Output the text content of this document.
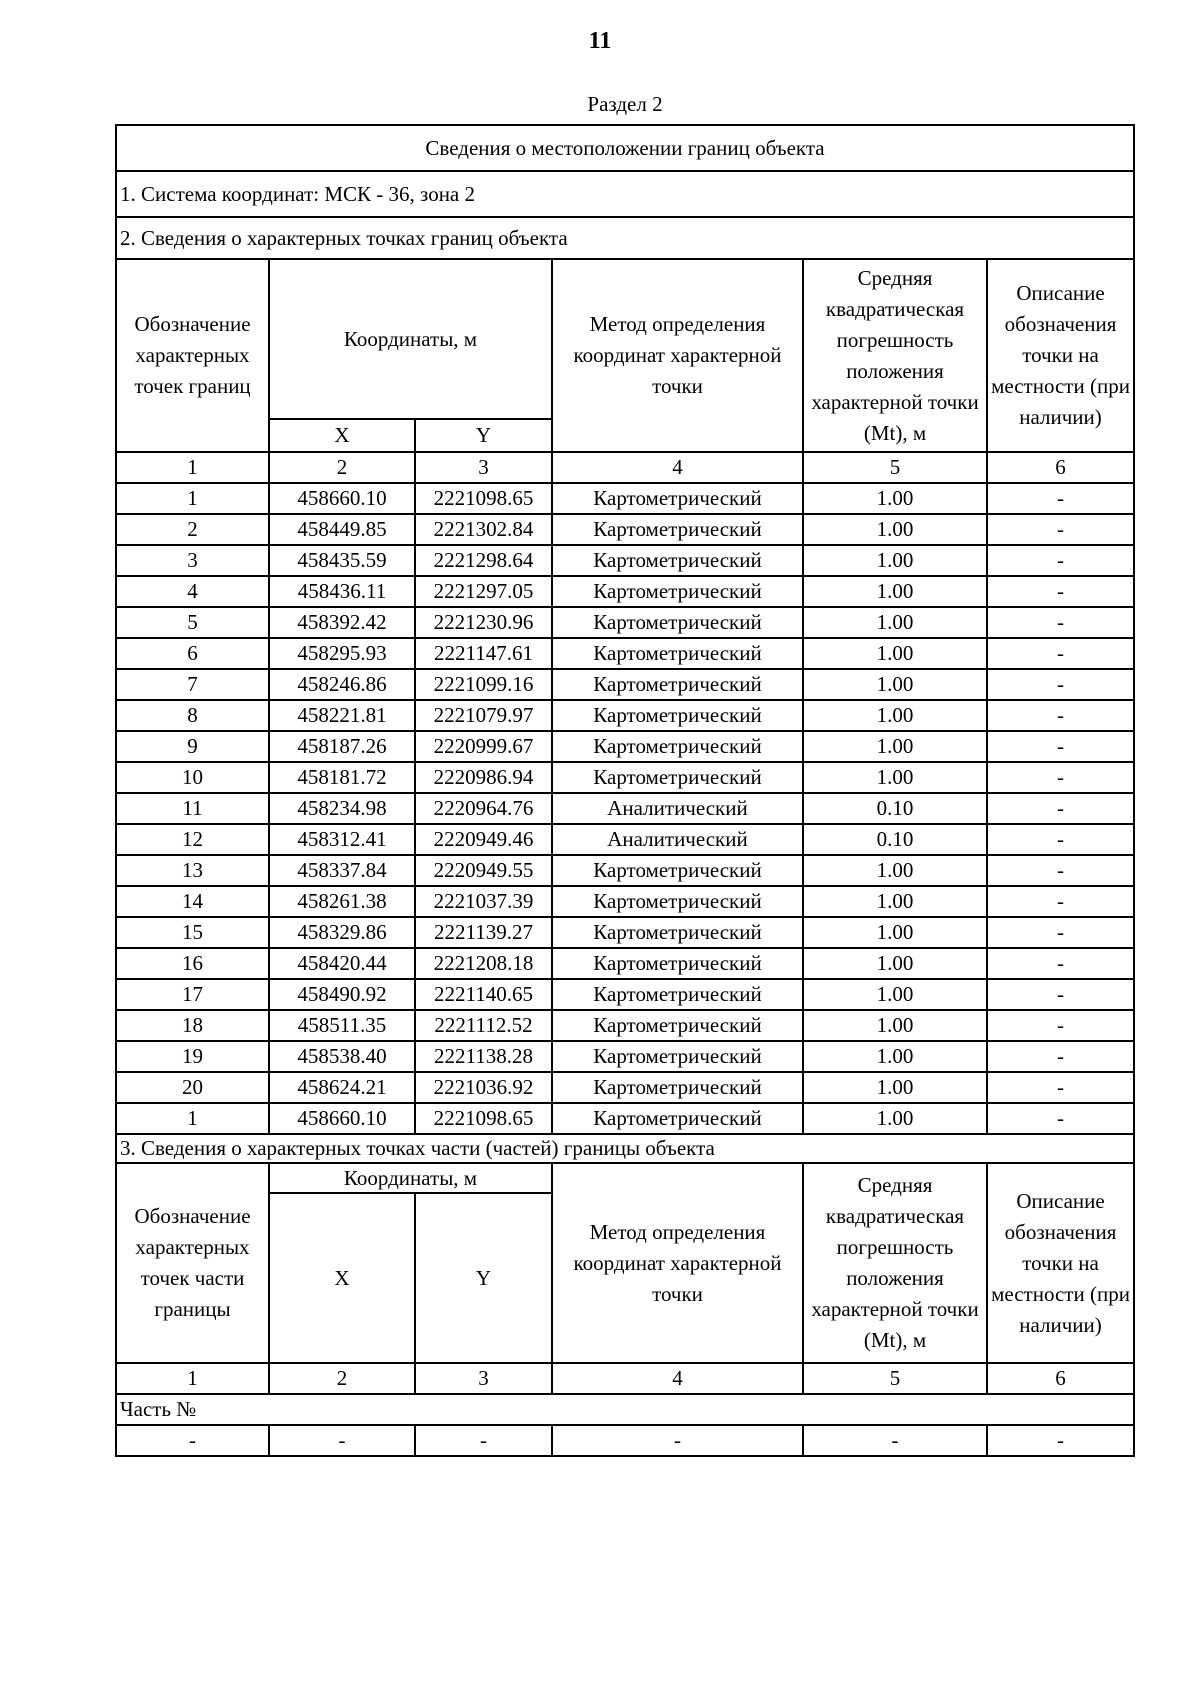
11
Раздел 2
Сведения о местоположении границ объекта					
1. Система координат: МСК - 36, зона 2					
2. Сведения о характерных точках границ объекта					
Обозначение характерных точек границ	Координаты, м		Метод определения координат характерной точки	Средняя квадратическая погрешность положения характерной точки (Mt), м	Описание обозначения точки на местности (при наличии)
	X	Y			
1	2	3	4	5	6
1	458660.10	2221098.65	Картометрический	1.00	-
2	458449.85	2221302.84	Картометрический	1.00	-
3	458435.59	2221298.64	Картометрический	1.00	-
4	458436.11	2221297.05	Картометрический	1.00	-
5	458392.42	2221230.96	Картометрический	1.00	-
6	458295.93	2221147.61	Картометрический	1.00	-
7	458246.86	2221099.16	Картометрический	1.00	-
8	458221.81	2221079.97	Картометрический	1.00	-
9	458187.26	2220999.67	Картометрический	1.00	-
10	458181.72	2220986.94	Картометрический	1.00	-
11	458234.98	2220964.76	Аналитический	0.10	-
12	458312.41	2220949.46	Аналитический	0.10	-
13	458337.84	2220949.55	Картометрический	1.00	-
14	458261.38	2221037.39	Картометрический	1.00	-
15	458329.86	2221139.27	Картометрический	1.00	-
16	458420.44	2221208.18	Картометрический	1.00	-
17	458490.92	2221140.65	Картометрический	1.00	-
18	458511.35	2221112.52	Картометрический	1.00	-
19	458538.40	2221138.28	Картометрический	1.00	-
20	458624.21	2221036.92	Картометрический	1.00	-
1	458660.10	2221098.65	Картометрический	1.00	-
3. Сведения о характерных точках части (частей) границы объекта					
Обозначение характерных точек части границы	Координаты, м		Метод определения координат характерной точки	Средняя квадратическая погрешность положения характерной точки (Mt), м	Описание обозначения точки на местности (при наличии)
	X	Y			
1	2	3	4	5	6
Часть №					
-	-	-	-	-	-
